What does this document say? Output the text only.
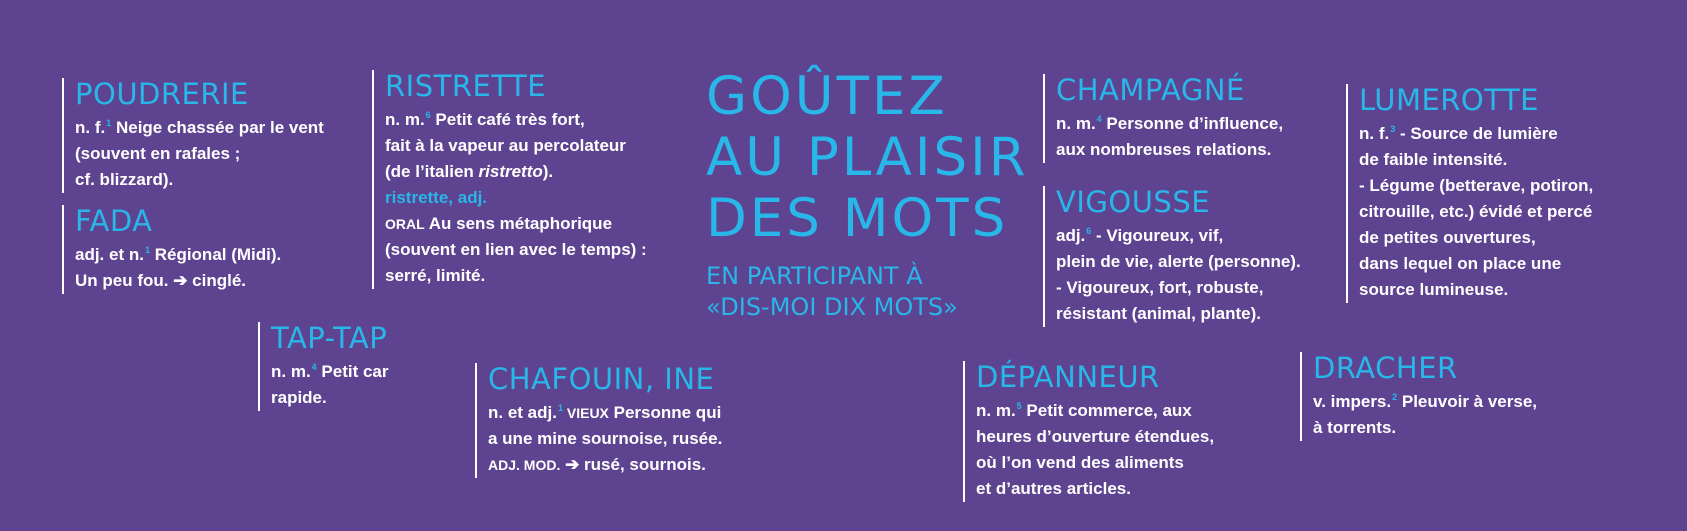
GOÛTEZ
AU PLAISIR
DES MOTS
EN PARTICIPANT À
«DIS-MOI DIX MOTS»
POUDRERIE
n. f.$^1$ Neige chassée par le vent
(souvent en rafales ;
cf. blizzard).
FADA
adj. et n.$^1$ Régional (Midi).
Un peu fou. ➔ cinglé.
TAP-TAP
n. m.$^4$ Petit car
rapide.
RISTRETTE
n. m.$^6$ Petit café très fort,
fait à la vapeur au percolateur
(de l’italien ristretto).
ristrette, adj.
ORAL Au sens métaphorique
(souvent en lien avec le temps) :
serré, limité.
CHAFOUIN, INE
n. et adj.$^1$ VIEUX Personne qui
a une mine sournoise, rusée.
ADJ. MOD. ➔ rusé, sournois.
CHAMPAGNÉ
n. m.$^4$ Personne d’influence,
aux nombreuses relations.
VIGOUSSE
adj.$^6$ - Vigoureux, vif,
plein de vie, alerte (personne).
- Vigoureux, fort, robuste,
résistant (animal, plante).
DÉPANNEUR
n. m.$^5$ Petit commerce, aux
heures d’ouverture étendues,
où l’on vend des aliments
et d’autres articles.
LUMEROTTE
n. f.$^3$ - Source de lumière
de faible intensité.
- Légume (betterave, potiron,
citrouille, etc.) évidé et percé
de petites ouvertures,
dans lequel on place une
source lumineuse.
DRACHER
v. impers.$^2$ Pleuvoir à verse,
à torrents.
